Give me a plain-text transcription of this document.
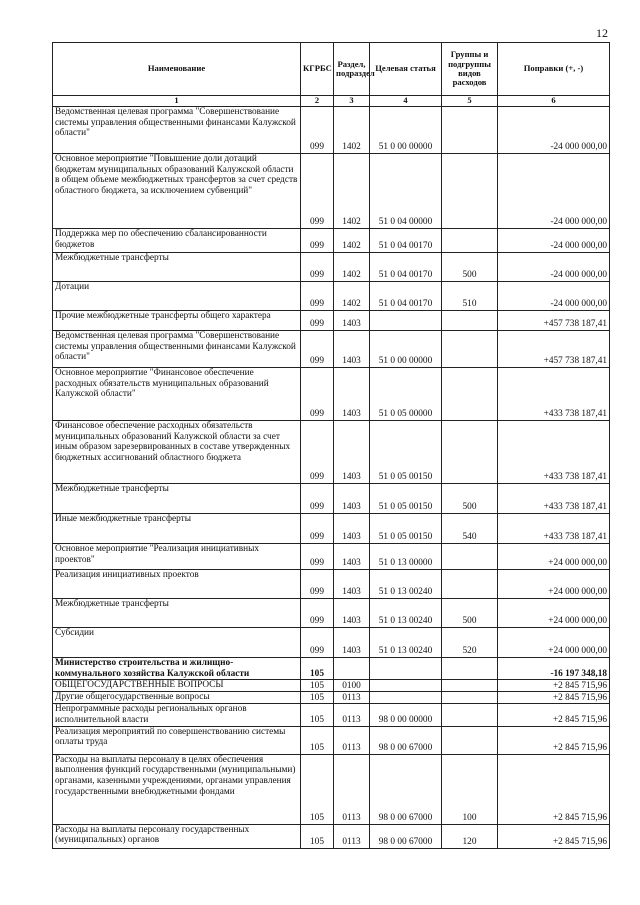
12
Наименование	КГРБС	Раздел, подраздел	Целевая статья	Группы и подгруппы видов расходов	Поправки (+, -)
1	2	3	4	5	6
Ведомственная целевая программа "Совершенствование системы управления общественными финансами Калужской области"	099	1402	51 0 00 00000		-24 000 000,00
Основное мероприятие "Повышение доли дотаций бюджетам муниципальных образований Калужской области в общем объеме межбюджетных трансфертов за счет средств областного бюджета, за исключением субвенций"	099	1402	51 0 04 00000		-24 000 000,00
Поддержка мер по обеспечению сбалансированности бюджетов	099	1402	51 0 04 00170		-24 000 000,00
Межбюджетные трансферты	099	1402	51 0 04 00170	500	-24 000 000,00
Дотации	099	1402	51 0 04 00170	510	-24 000 000,00
Прочие межбюджетные трансферты общего характера	099	1403			+457 738 187,41
Ведомственная целевая программа "Совершенствование системы управления общественными финансами Калужской области"	099	1403	51 0 00 00000		+457 738 187,41
Основное мероприятие "Финансовое обеспечение расходных обязательств муниципальных образований Калужской области"	099	1403	51 0 05 00000		+433 738 187,41
Финансовое обеспечение расходных обязательств муниципальных образований Калужской области за счет иным образом зарезервированных в составе утвержденных бюджетных ассигнований областного бюджета	099	1403	51 0 05 00150		+433 738 187,41
Межбюджетные трансферты	099	1403	51 0 05 00150	500	+433 738 187,41
Иные межбюджетные трансферты	099	1403	51 0 05 00150	540	+433 738 187,41
Основное мероприятие "Реализация инициативных проектов"	099	1403	51 0 13 00000		+24 000 000,00
Реализация инициативных проектов	099	1403	51 0 13 00240		+24 000 000,00
Межбюджетные трансферты	099	1403	51 0 13 00240	500	+24 000 000,00
Субсидии	099	1403	51 0 13 00240	520	+24 000 000,00
Министерство строительства и жилищно-коммунального хозяйства Калужской области	105				-16 197 348,18
ОБЩЕГОСУДАРСТВЕННЫЕ ВОПРОСЫ	105	0100			+2 845 715,96
Другие общегосударственные вопросы	105	0113			+2 845 715,96
Непрограммные расходы региональных органов исполнительной власти	105	0113	98 0 00 00000		+2 845 715,96
Реализация мероприятий по совершенствованию системы оплаты труда	105	0113	98 0 00 67000		+2 845 715,96
Расходы на выплаты персоналу в целях обеспечения выполнения функций государственными (муниципальными) органами, казенными учреждениями, органами управления государственными внебюджетными фондами	105	0113	98 0 00 67000	100	+2 845 715,96
Расходы на выплаты персоналу государственных (муниципальных) органов	105	0113	98 0 00 67000	120	+2 845 715,96
